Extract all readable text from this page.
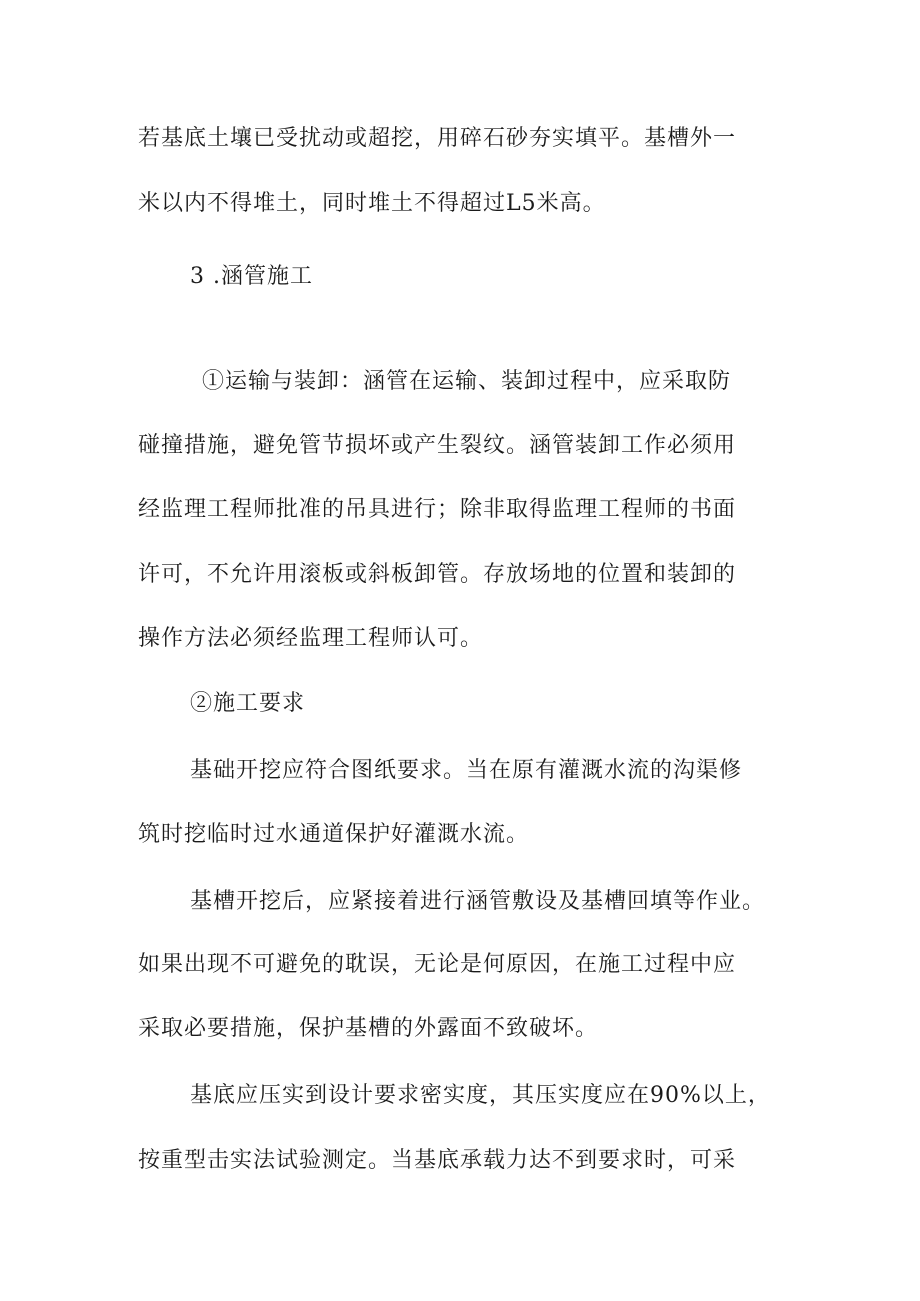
若基底土壤已受扰动或超挖，用碎石砂夯实填平。基槽外一
米以内不得堆土，同时堆土不得超过L5米高。
3 .涵管施工
①运输与装卸：涵管在运输、装卸过程中，应采取防
碰撞措施，避免管节损坏或产生裂纹。涵管装卸工作必须用
经监理工程师批准的吊具进行；除非取得监理工程师的书面
许可，不允许用滚板或斜板卸管。存放场地的位置和装卸的
操作方法必须经监理工程师认可。
②施工要求
基础开挖应符合图纸要求。当在原有灌溉水流的沟渠修
筑时挖临时过水通道保护好灌溉水流。
基槽开挖后，应紧接着进行涵管敷设及基槽回填等作业。
如果出现不可避免的耽误，无论是何原因，在施工过程中应
采取必要措施，保护基槽的外露面不致破坏。
基底应压实到设计要求密实度，其压实度应在90%以上，
按重型击实法试验测定。当基底承载力达不到要求时，可采
